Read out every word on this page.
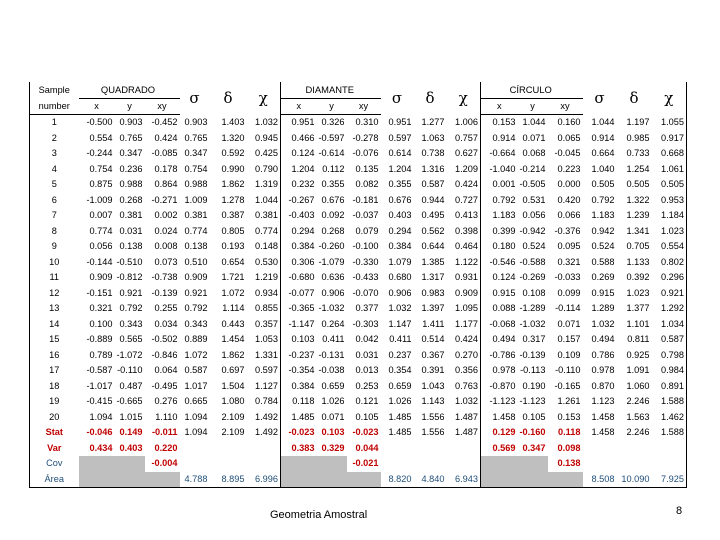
Sample	QUADRADO			σ	δ	χ	DIAMANTE			σ	δ	χ	CÍRCULO			σ	δ	χ
number	x	y	xy				x	y	xy				x	y	xy			
1	-0.500	0.903	-0.452	0.903	1.403	1.032	0.951	0.326	0.310	0.951	1.277	1.006	0.153	1.044	0.160	1.044	1.197	1.055
2	0.554	0.765	0.424	0.765	1.320	0.945	0.466	-0.597	-0.278	0.597	1.063	0.757	0.914	0.071	0.065	0.914	0.985	0.917
3	-0.244	0.347	-0.085	0.347	0.592	0.425	0.124	-0.614	-0.076	0.614	0.738	0.627	-0.664	0.068	-0.045	0.664	0.733	0.668
4	0.754	0.236	0.178	0.754	0.990	0.790	1.204	0.112	0.135	1.204	1.316	1.209	-1.040	-0.214	0.223	1.040	1.254	1.061
5	0.875	0.988	0.864	0.988	1.862	1.319	0.232	0.355	0.082	0.355	0.587	0.424	0.001	-0.505	0.000	0.505	0.505	0.505
6	-1.009	0.268	-0.271	1.009	1.278	1.044	-0.267	0.676	-0.181	0.676	0.944	0.727	0.792	0.531	0.420	0.792	1.322	0.953
7	0.007	0.381	0.002	0.381	0.387	0.381	-0.403	0.092	-0.037	0.403	0.495	0.413	1.183	0.056	0.066	1.183	1.239	1.184
8	0.774	0.031	0.024	0.774	0.805	0.774	0.294	0.268	0.079	0.294	0.562	0.398	0.399	-0.942	-0.376	0.942	1.341	1.023
9	0.056	0.138	0.008	0.138	0.193	0.148	0.384	-0.260	-0.100	0.384	0.644	0.464	0.180	0.524	0.095	0.524	0.705	0.554
10	-0.144	-0.510	0.073	0.510	0.654	0.530	0.306	-1.079	-0.330	1.079	1.385	1.122	-0.546	-0.588	0.321	0.588	1.133	0.802
11	0.909	-0.812	-0.738	0.909	1.721	1.219	-0.680	0.636	-0.433	0.680	1.317	0.931	0.124	-0.269	-0.033	0.269	0.392	0.296
12	-0.151	0.921	-0.139	0.921	1.072	0.934	-0.077	0.906	-0.070	0.906	0.983	0.909	0.915	0.108	0.099	0.915	1.023	0.921
13	0.321	0.792	0.255	0.792	1.114	0.855	-0.365	-1.032	0.377	1.032	1.397	1.095	0.088	-1.289	-0.114	1.289	1.377	1.292
14	0.100	0.343	0.034	0.343	0.443	0.357	-1.147	0.264	-0.303	1.147	1.411	1.177	-0.068	-1.032	0.071	1.032	1.101	1.034
15	-0.889	0.565	-0.502	0.889	1.454	1.053	0.103	0.411	0.042	0.411	0.514	0.424	0.494	0.317	0.157	0.494	0.811	0.587
16	0.789	-1.072	-0.846	1.072	1.862	1.331	-0.237	-0.131	0.031	0.237	0.367	0.270	-0.786	-0.139	0.109	0.786	0.925	0.798
17	-0.587	-0.110	0.064	0.587	0.697	0.597	-0.354	-0.038	0.013	0.354	0.391	0.356	0.978	-0.113	-0.110	0.978	1.091	0.984
18	-1.017	0.487	-0.495	1.017	1.504	1.127	0.384	0.659	0.253	0.659	1.043	0.763	-0.870	0.190	-0.165	0.870	1.060	0.891
19	-0.415	-0.665	0.276	0.665	1.080	0.784	0.118	1.026	0.121	1.026	1.143	1.032	-1.123	-1.123	1.261	1.123	2.246	1.588
20	1.094	1.015	1.110	1.094	2.109	1.492	1.485	0.071	0.105	1.485	1.556	1.487	1.458	0.105	0.153	1.458	1.563	1.462
Stat	-0.046	0.149	-0.011	1.094	2.109	1.492	-0.023	0.103	-0.023	1.485	1.556	1.487	0.129	-0.160	0.118	1.458	2.246	1.588
Var	0.434	0.403	0.220				0.383	0.329	0.044				0.569	0.347	0.098			
Cov			-0.004						-0.021						0.138			
Área				4.788	8.895	6.996				8.820	4.840	6.943				8.508	10.090	7.925
Geometria Amostral	8
